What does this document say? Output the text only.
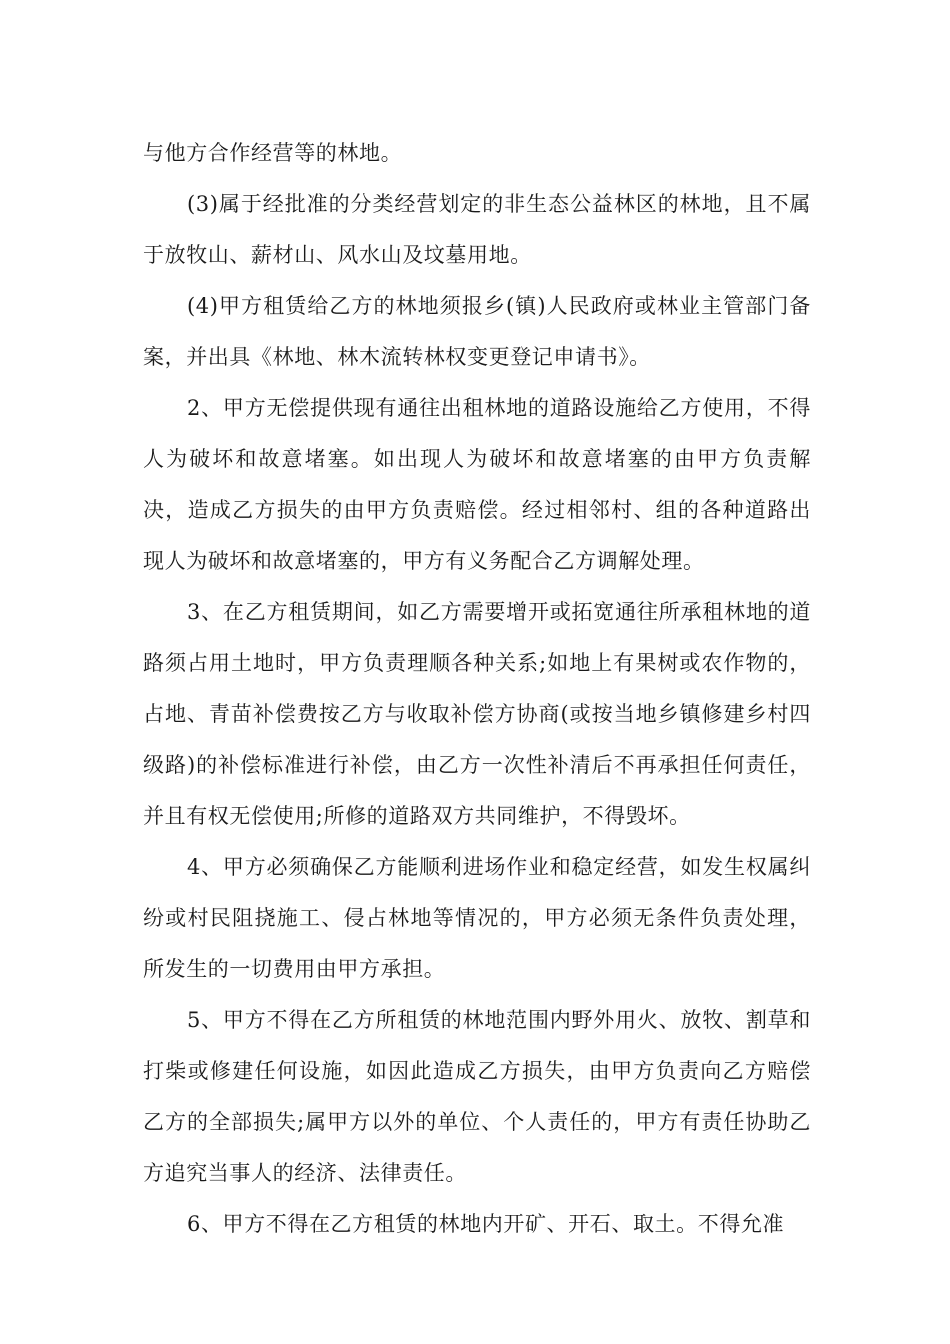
与他方合作经营等的林地。

(3)属于经批准的分类经营划定的非生态公益林区的林地，且不属于放牧山、薪材山、风水山及坟墓用地。

(4)甲方租赁给乙方的林地须报乡(镇)人民政府或林业主管部门备案，并出具《林地、林木流转林权变更登记申请书》。

2、甲方无偿提供现有通往出租林地的道路设施给乙方使用，不得人为破坏和故意堵塞。如出现人为破坏和故意堵塞的由甲方负责解决，造成乙方损失的由甲方负责赔偿。经过相邻村、组的各种道路出现人为破坏和故意堵塞的，甲方有义务配合乙方调解处理。

3、在乙方租赁期间，如乙方需要增开或拓宽通往所承租林地的道路须占用土地时，甲方负责理顺各种关系;如地上有果树或农作物的，占地、青苗补偿费按乙方与收取补偿方协商(或按当地乡镇修建乡村四级路)的补偿标准进行补偿，由乙方一次性补清后不再承担任何责任，并且有权无偿使用;所修的道路双方共同维护，不得毁坏。

4、甲方必须确保乙方能顺利进场作业和稳定经营，如发生权属纠纷或村民阻挠施工、侵占林地等情况的，甲方必须无条件负责处理，所发生的一切费用由甲方承担。

5、甲方不得在乙方所租赁的林地范围内野外用火、放牧、割草和打柴或修建任何设施，如因此造成乙方损失，由甲方负责向乙方赔偿乙方的全部损失;属甲方以外的单位、个人责任的，甲方有责任协助乙方追究当事人的经济、法律责任。

6、甲方不得在乙方租赁的林地内开矿、开石、取土。不得允准
